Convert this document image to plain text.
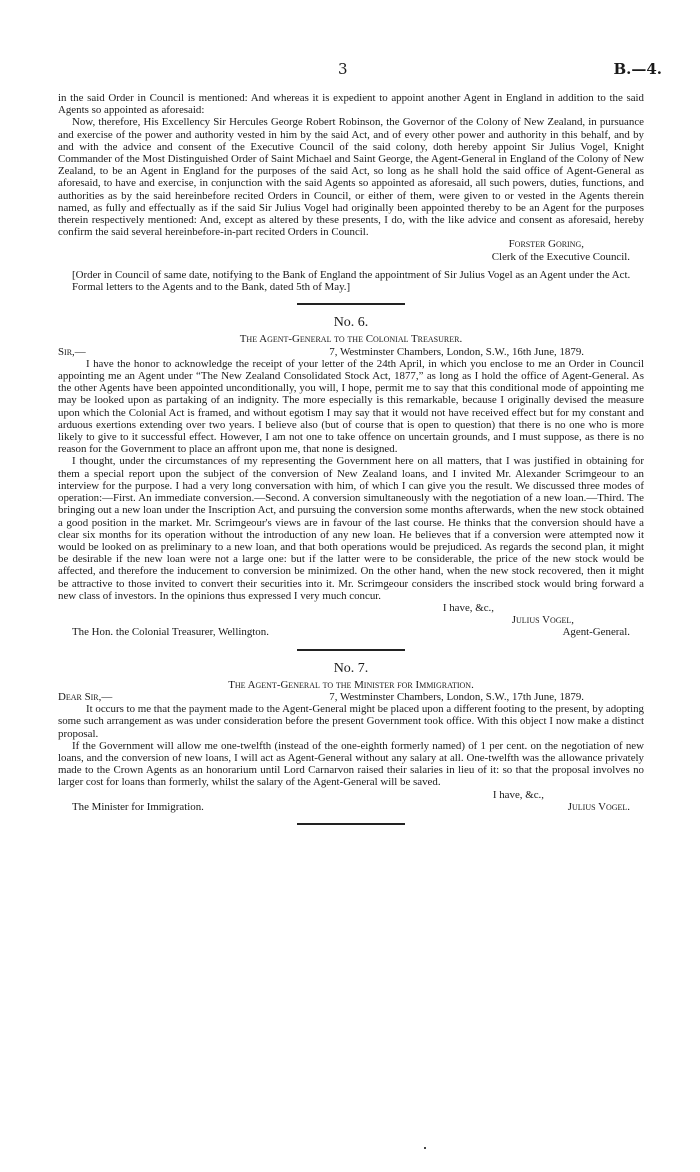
3	B.—4.

in the said Order in Council is mentioned: And whereas it is expedient to appoint another Agent in England in addition to the said Agents so appointed as aforesaid:

Now, therefore, His Excellency Sir Hercules George Robert Robinson, the Governor of the Colony of New Zealand, in pursuance and exercise of the power and authority vested in him by the said Act, and of every other power and authority in this behalf, and by and with the advice and consent of the Executive Council of the said colony, doth hereby appoint Sir Julius Vogel, Knight Commander of the Most Distinguished Order of Saint Michael and Saint George, the Agent-General in England of the Colony of New Zealand, to be an Agent in England for the purposes of the said Act, so long as he shall hold the said office of Agent-General as aforesaid, to have and exercise, in conjunction with the said Agents so appointed as aforesaid, all such powers, duties, functions, and authorities as by the said hereinbefore recited Orders in Council, or either of them, were given to or vested in the Agents therein named, as fully and effectually as if the said Sir Julius Vogel had originally been appointed thereby to be an Agent for the purposes therein respectively mentioned: And, except as altered by these presents, I do, with the like advice and consent as aforesaid, hereby confirm the said several hereinbefore-in-part recited Orders in Council.

Forster Goring,

Clerk of the Executive Council.

[Order in Council of same date, notifying to the Bank of England the appointment of Sir Julius Vogel as an Agent under the Act.

Formal letters to the Agents and to the Bank, dated 5th of May.]

No. 6.

The Agent-General to the Colonial Treasurer.

Sir,—	7, Westminster Chambers, London, S.W., 16th June, 1879.

I have the honor to acknowledge the receipt of your letter of the 24th April, in which you enclose to me an Order in Council appointing me an Agent under “The New Zealand Consolidated Stock Act, 1877,” as long as I hold the office of Agent-General. As the other Agents have been appointed unconditionally, you will, I hope, permit me to say that this conditional mode of appointing me may be looked upon as partaking of an indignity. The more especially is this remarkable, because I originally devised the measure upon which the Colonial Act is framed, and without egotism I may say that it would not have received effect but for my constant and arduous exertions extending over two years. I believe also (but of course that is open to question) that there is no one who is more likely to give to it successful effect. However, I am not one to take offence on uncertain grounds, and I must suppose, as there is no reason for the Government to place an affront upon me, that none is designed.

I thought, under the circumstances of my representing the Government here on all matters, that I was justified in obtaining for them a special report upon the subject of the conversion of New Zealand loans, and I invited Mr. Alexander Scrimgeour to an interview for the purpose. I had a very long conversation with him, of which I can give you the result. We discussed three modes of operation:—First. An immediate conversion.—Second. A conversion simultaneously with the negotiation of a new loan.—Third. The bringing out a new loan under the Inscription Act, and pursuing the conversion some months afterwards, when the new stock obtained a good position in the market. Mr. Scrimgeour's views are in favour of the last course. He thinks that the conversion should have a clear six months for its operation without the introduction of any new loan. He believes that if a conversion were attempted now it would be looked on as preliminary to a new loan, and that both operations would be prejudiced. As regards the second plan, it might be desirable if the new loan were not a large one: but if the latter were to be considerable, the price of the new stock would be affected, and therefore the inducement to conversion be minimized. On the other hand, when the new stock recovered, then it might be attractive to those invited to convert their securities into it. Mr. Scrimgeour considers the inscribed stock would bring forward a new class of investors. In the opinions thus expressed I very much concur.

I have, &c.,

Julius Vogel,

The Hon. the Colonial Treasurer, Wellington.	Agent-General.
No. 7.

The Agent-General to the Minister for Immigration.

Dear Sir,—	7, Westminster Chambers, London, S.W., 17th June, 1879.

It occurs to me that the payment made to the Agent-General might be placed upon a different footing to the present, by adopting some such arrangement as was under consideration before the present Government took office. With this object I now make a distinct proposal.

If the Government will allow me one-twelfth (instead of the one-eighth formerly named) of 1 per cent. on the negotiation of new loans, and the conversion of new loans, I will act as Agent-General without any salary at all. One-twelfth was the allowance privately made to the Crown Agents as an honorarium until Lord Carnarvon raised their salaries in lieu of it: so that the proposal involves no larger cost for loans than formerly, whilst the salary of the Agent-General will be saved.

I have, &c.,

The Minister for Immigration.	Julius Vogel.
